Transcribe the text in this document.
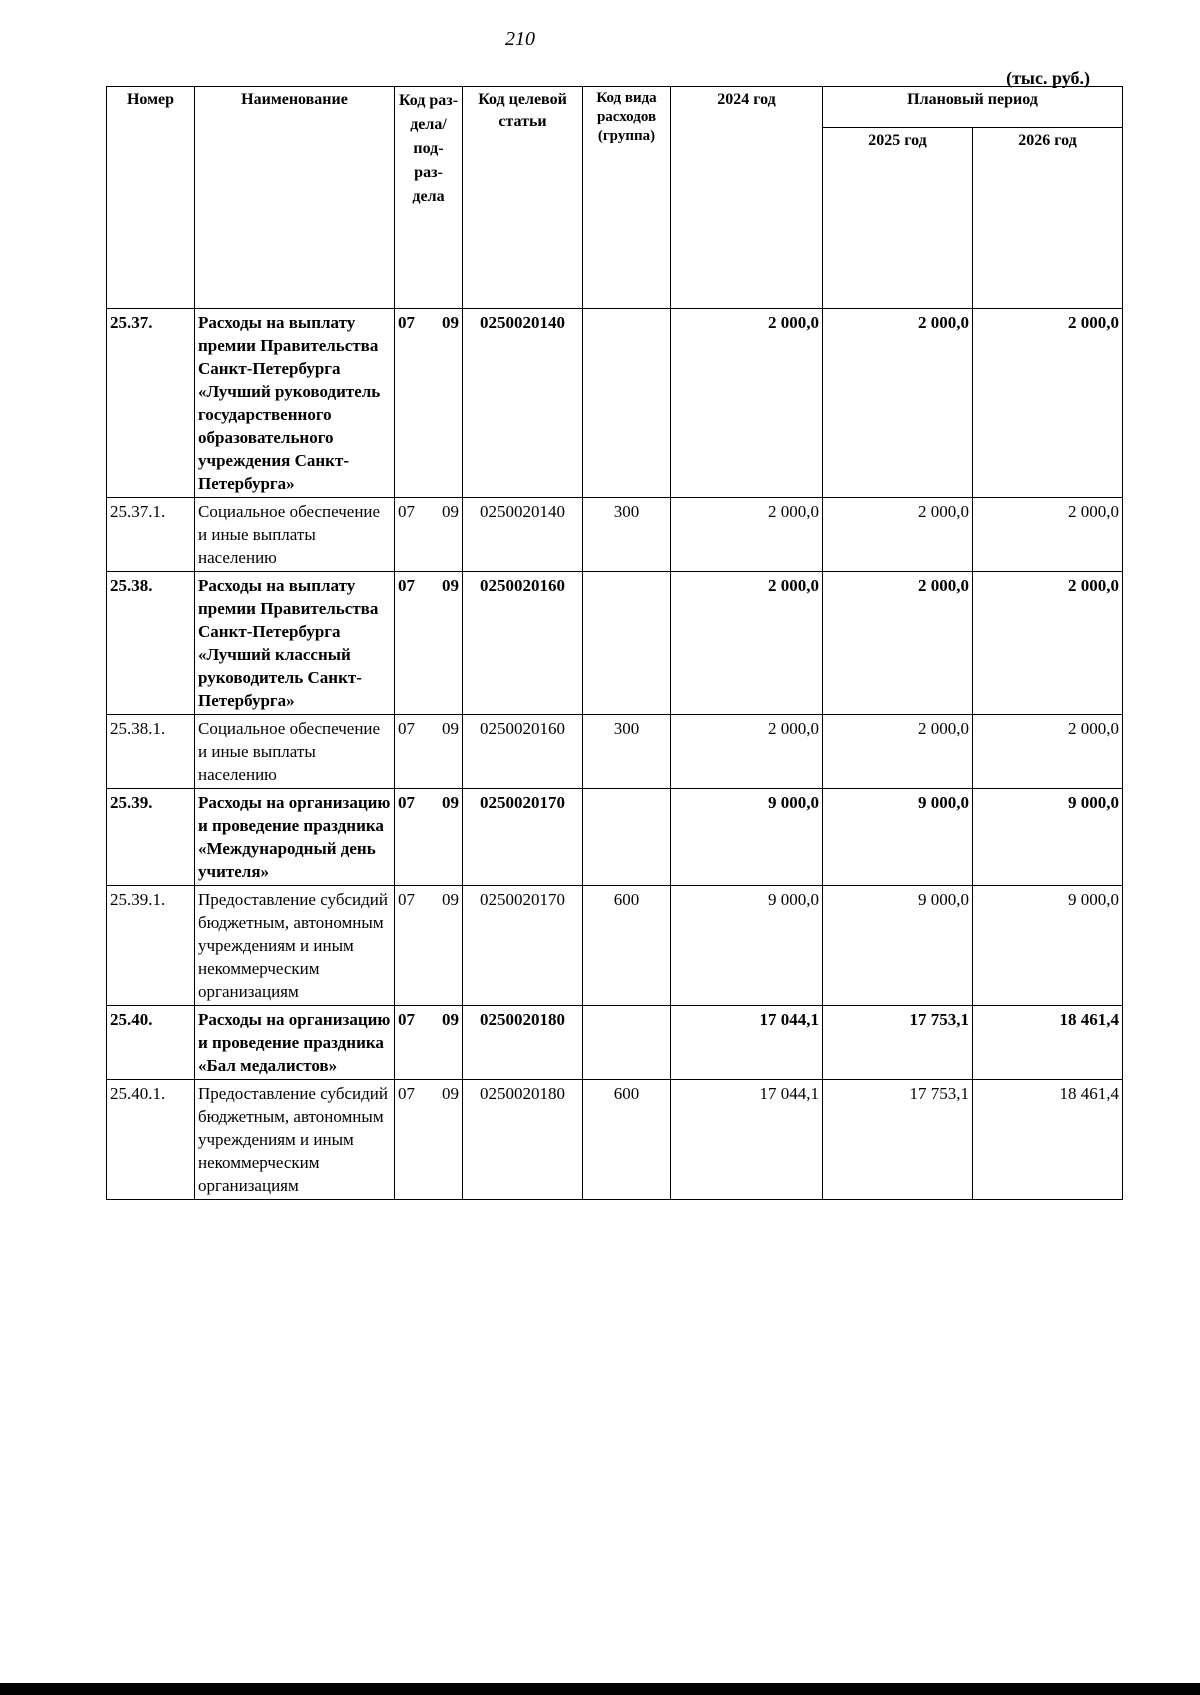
210
(тыс. руб.)
Номер	Наименование	Код раз- дела/ под- раз- дела	Код целевой статьи	Код вида расходов (группа)	2024 год	Плановый период	
						2025 год	2026 год
25.37.	Расходы на выплату премии Правительства Санкт-Петербурга «Лучший руководитель государственного образовательного учреждения Санкт-Петербурга»	07 09	0250020140		2 000,0	2 000,0	2 000,0
25.37.1.	Социальное обеспечение и иные выплаты населению	07 09	0250020140	300	2 000,0	2 000,0	2 000,0
25.38.	Расходы на выплату премии Правительства Санкт-Петербурга «Лучший классный руководитель Санкт-Петербурга»	07 09	0250020160		2 000,0	2 000,0	2 000,0
25.38.1.	Социальное обеспечение и иные выплаты населению	07 09	0250020160	300	2 000,0	2 000,0	2 000,0
25.39.	Расходы на организацию и проведение праздника «Международный день учителя»	07 09	0250020170		9 000,0	9 000,0	9 000,0
25.39.1.	Предоставление субсидий бюджетным, автономным учреждениям и иным некоммерческим организациям	07 09	0250020170	600	9 000,0	9 000,0	9 000,0
25.40.	Расходы на организацию и проведение праздника «Бал медалистов»	07 09	0250020180		17 044,1	17 753,1	18 461,4
25.40.1.	Предоставление субсидий бюджетным, автономным учреждениям и иным некоммерческим организациям	07 09	0250020180	600	17 044,1	17 753,1	18 461,4
